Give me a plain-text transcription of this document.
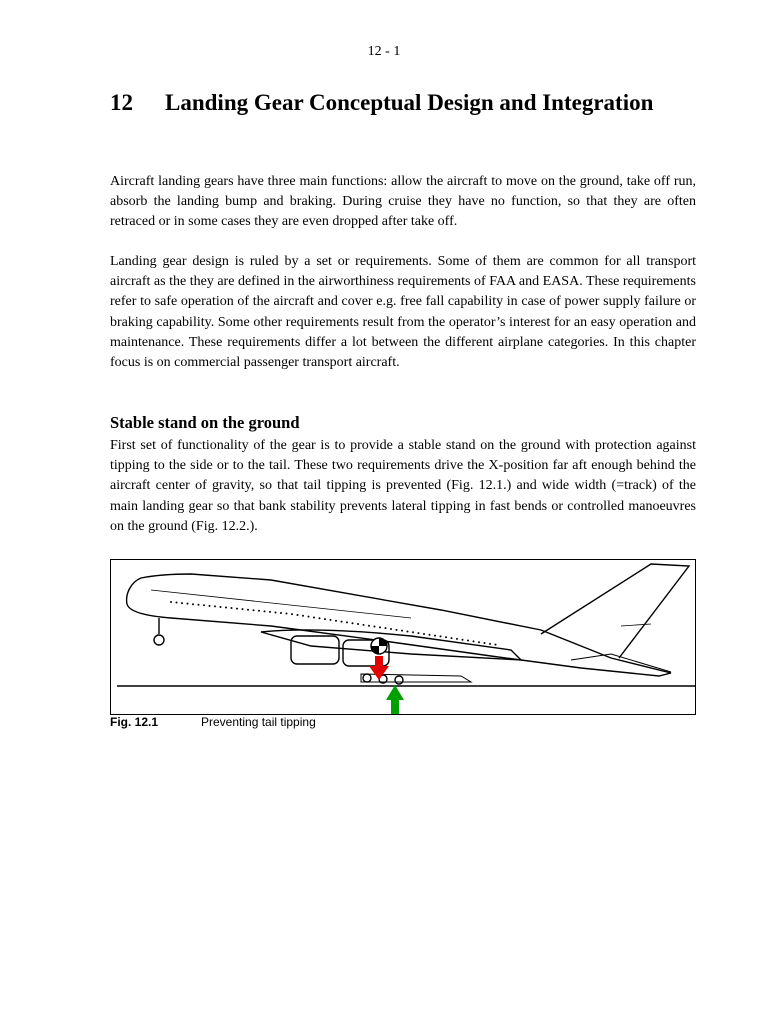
12 - 1
12 Landing Gear Conceptual Design and Integration

Aircraft landing gears have three main functions: allow the aircraft to move on the ground, take off run, absorb the landing bump and braking. During cruise they have no function, so that they are often retraced or in some cases they are even dropped after take off.

Landing gear design is ruled by a set or requirements. Some of them are common for all transport aircraft as the they are defined in the airworthiness requirements of FAA and EASA. These requirements refer to safe operation of the aircraft and cover e.g. free fall capability in case of power supply failure or braking capability. Some other requirements result from the operator’s interest for an easy operation and maintenance. These requirements differ a lot between the different airplane categories. In this chapter focus is on commercial passenger transport aircraft.

Stable stand on the ground

First set of functionality of the gear is to provide a stable stand on the ground with protection against tipping to the side or to the tail. These two requirements drive the X-position far aft enough behind the aircraft center of gravity, so that tail tipping is prevented (Fig. 12.1.) and wide width (=track) of the main landing gear so that bank stability prevents lateral tipping in fast bends or controlled manoeuvres on the ground (Fig. 12.2.).

Fig. 12.1	Preventing tail tipping
